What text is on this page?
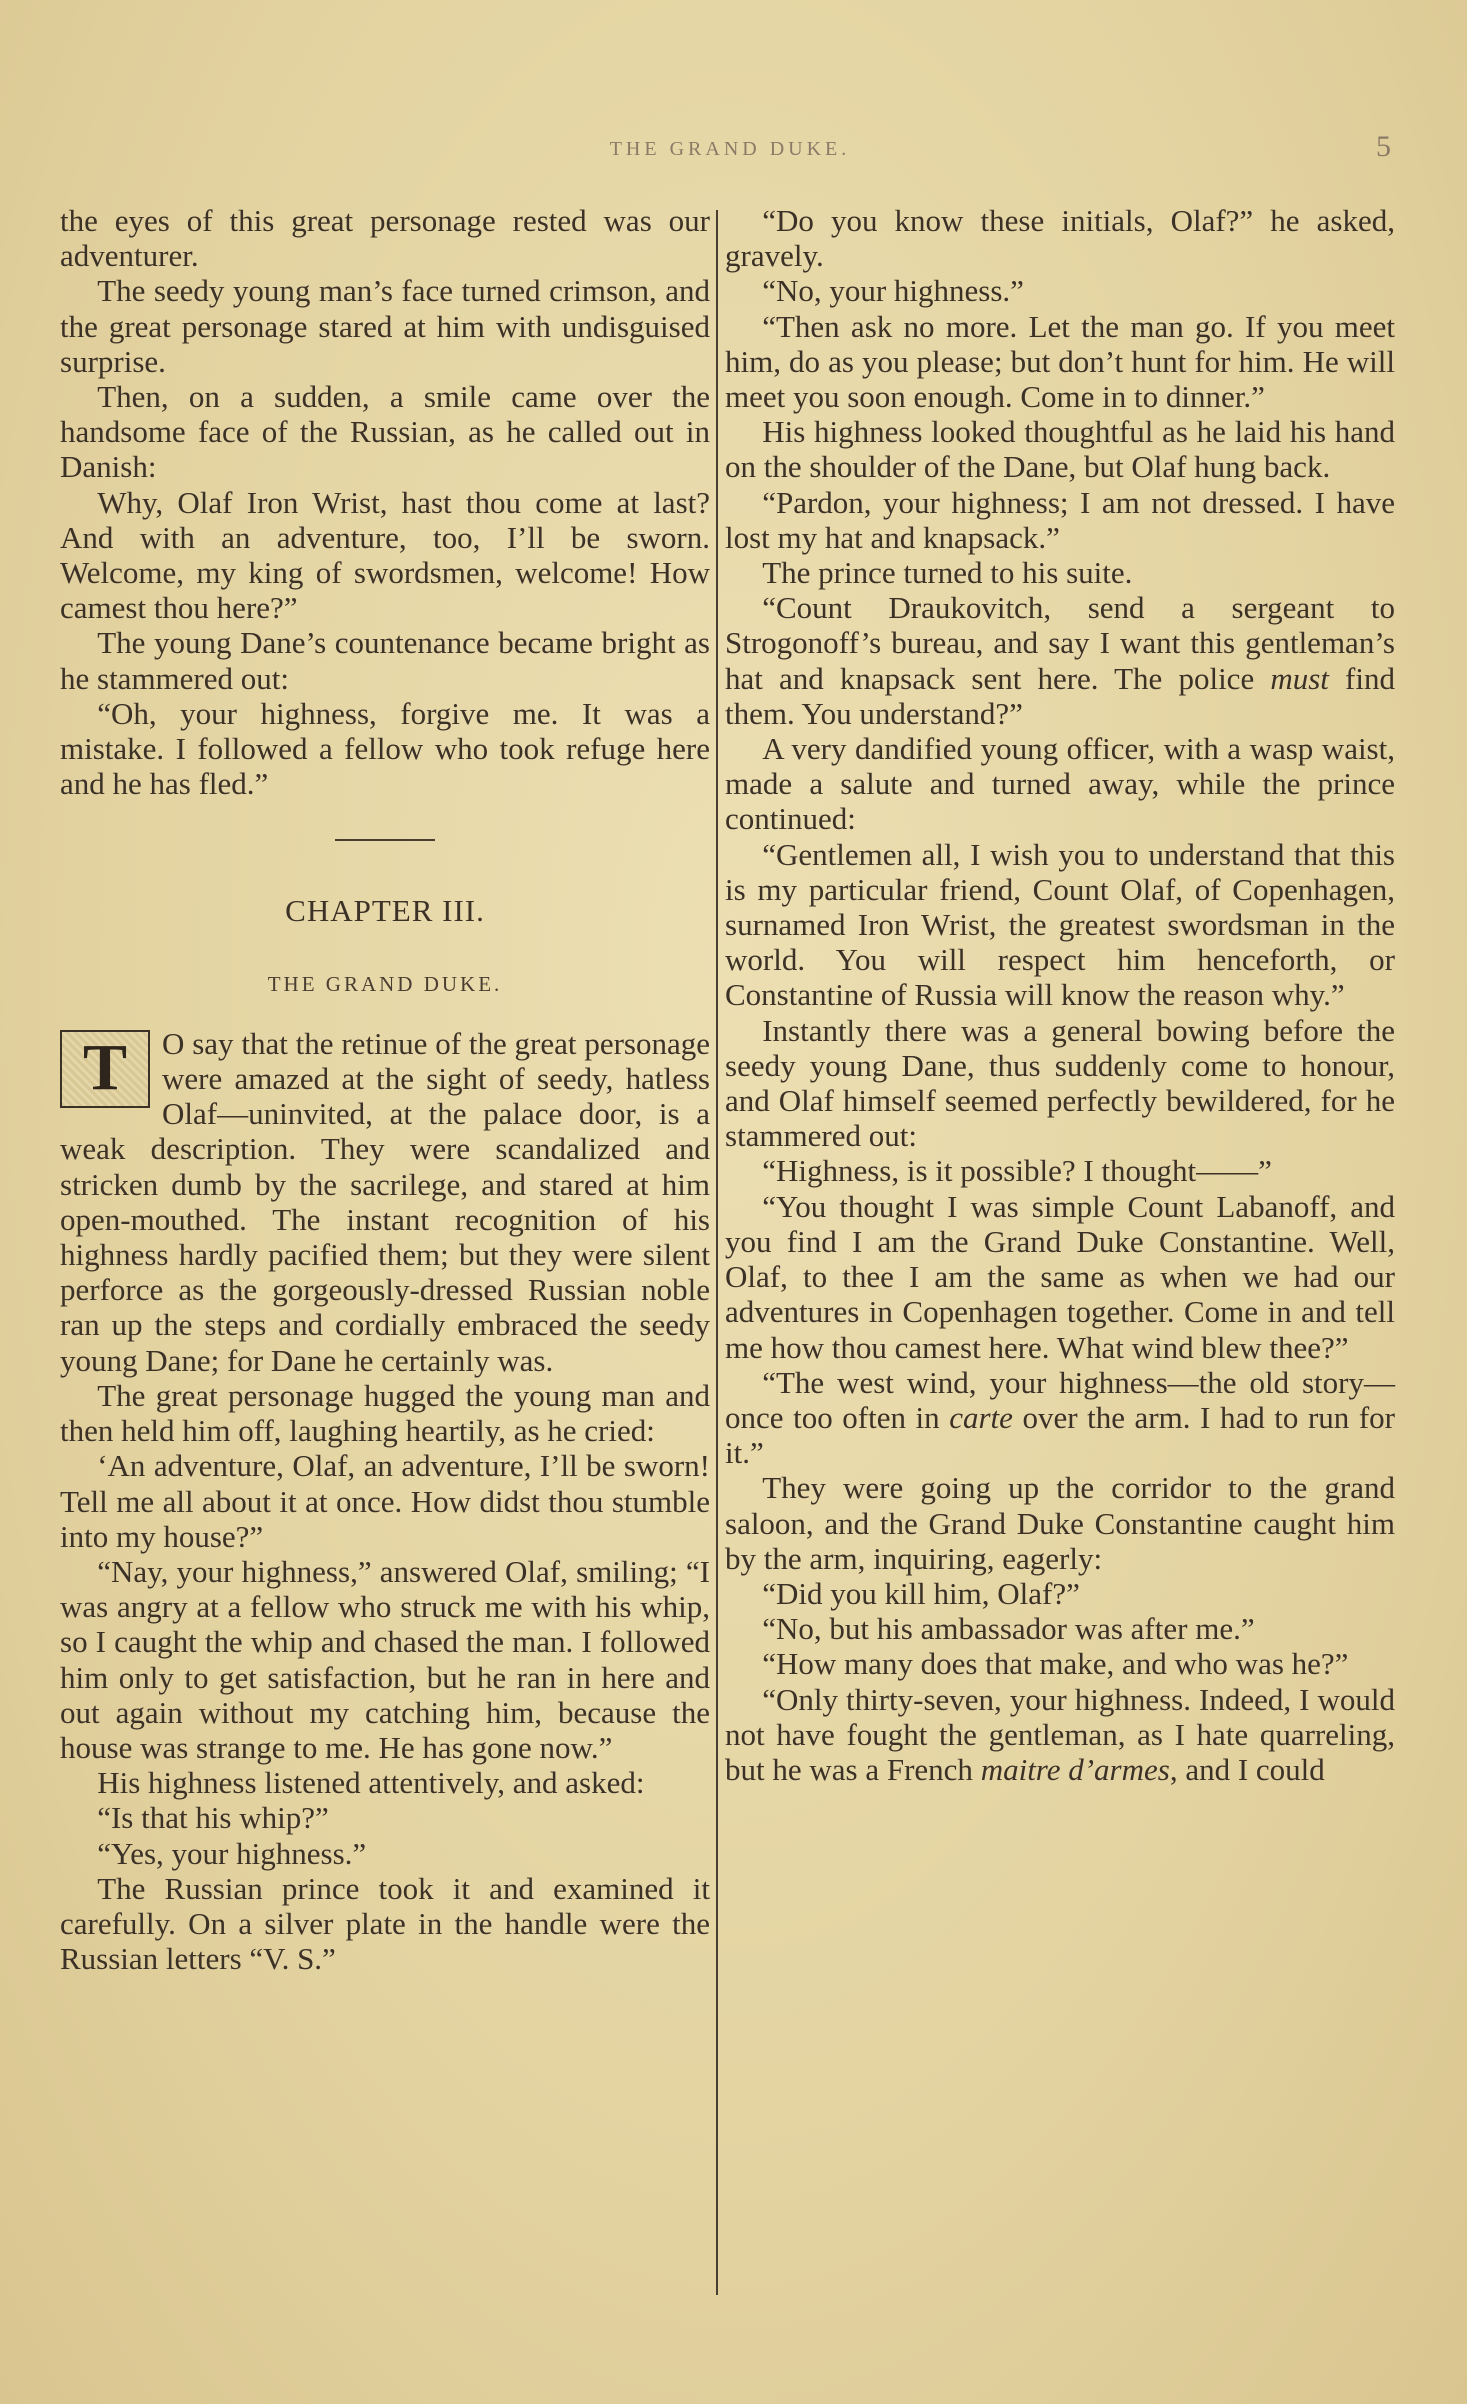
THE GRAND DUKE.	5

the eyes of this great personage rested was our adventurer.

The seedy young man’s face turned crimson, and the great personage stared at him with undisguised surprise.

Then, on a sudden, a smile came over the handsome face of the Russian, as he called out in Danish:

Why, Olaf Iron Wrist, hast thou come at last? And with an adventure, too, I’ll be sworn. Welcome, my king of swordsmen, welcome! How camest thou here?”

The young Dane’s countenance became bright as he stammered out:

“Oh, your highness, forgive me. It was a mistake. I followed a fellow who took refuge here and he has fled.”

CHAPTER III.
THE GRAND DUKE.

T	O say that the retinue of the great personage were amazed at the sight of seedy, hatless Olaf—uninvited, at the palace door, is a weak description. They were scandalized and stricken dumb by the sacrilege, and stared at him open-mouthed. The instant recognition of his highness hardly pacified them; but they were silent perforce as the gorgeously-dressed Russian noble ran up the steps and cordially embraced the seedy young Dane; for Dane he certainly was.

The great personage hugged the young man and then held him off, laughing heartily, as he cried:

‘An adventure, Olaf, an adventure, I’ll be sworn! Tell me all about it at once. How didst thou stumble into my house?”

“Nay, your highness,” answered Olaf, smiling; “I was angry at a fellow who struck me with his whip, so I caught the whip and chased the man. I followed him only to get satisfaction, but he ran in here and out again without my catching him, because the house was strange to me. He has gone now.”

His highness listened attentively, and asked:

“Is that his whip?”

“Yes, your highness.”

The Russian prince took it and examined it carefully. On a silver plate in the handle were the Russian letters “V. S.”

“Do you know these initials, Olaf?” he asked, gravely.

“No, your highness.”

“Then ask no more. Let the man go. If you meet him, do as you please; but don’t hunt for him. He will meet you soon enough. Come in to dinner.”

His highness looked thoughtful as he laid his hand on the shoulder of the Dane, but Olaf hung back.

“Pardon, your highness; I am not dressed. I have lost my hat and knapsack.”

The prince turned to his suite.

“Count Draukovitch, send a sergeant to Strogonoff’s bureau, and say I want this gentleman’s hat and knapsack sent here. The police must find them. You understand?”

A very dandified young officer, with a wasp waist, made a salute and turned away, while the prince continued:

“Gentlemen all, I wish you to understand that this is my particular friend, Count Olaf, of Copenhagen, surnamed Iron Wrist, the greatest swordsman in the world. You will respect him henceforth, or Constantine of Russia will know the reason why.”

Instantly there was a general bowing before the seedy young Dane, thus suddenly come to honour, and Olaf himself seemed perfectly bewildered, for he stammered out:

“Highness, is it possible? I thought——”

“You thought I was simple Count Labanoff, and you find I am the Grand Duke Constantine. Well, Olaf, to thee I am the same as when we had our adventures in Copenhagen together. Come in and tell me how thou camest here. What wind blew thee?”

“The west wind, your highness—the old story—once too often in carte over the arm. I had to run for it.”

They were going up the corridor to the grand saloon, and the Grand Duke Constantine caught him by the arm, inquiring, eagerly:

“Did you kill him, Olaf?”

“No, but his ambassador was after me.”

“How many does that make, and who was he?”

“Only thirty-seven, your highness. Indeed, I would not have fought the gentleman, as I hate quarreling, but he was a French maitre d’armes, and I could
